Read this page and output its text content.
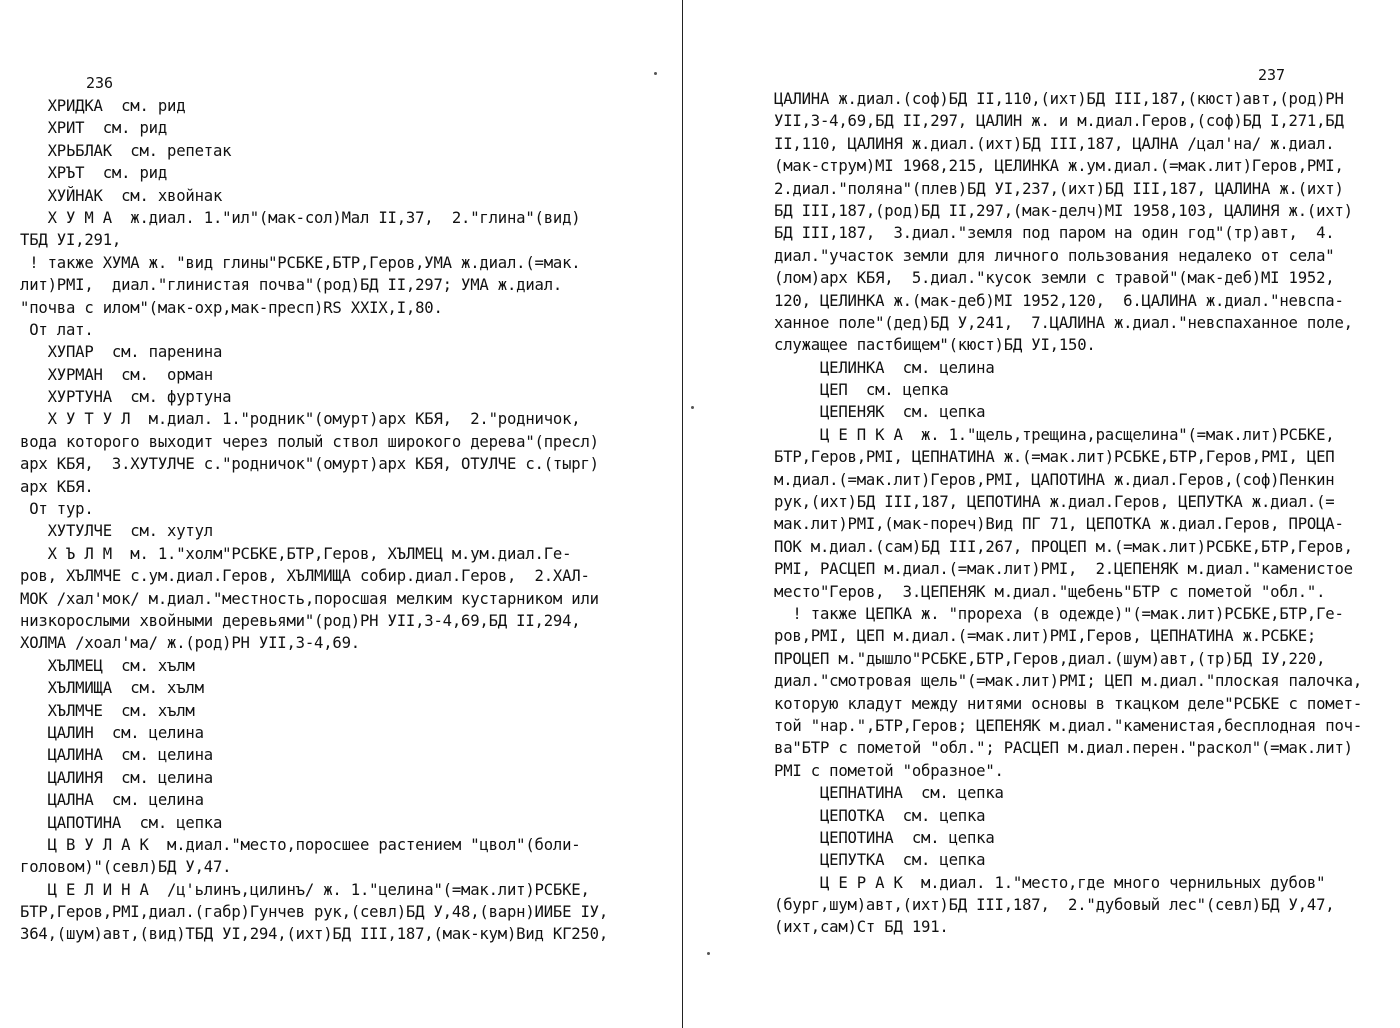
236
ХРИДКА  см. рид
ХРИТ  см. рид
ХРЬБЛАК  см. репетак
ХРЪТ  см. рид
ХУЙНАК  см. хвойнак
Х У М А  ж.диал. 1."ил"(мак-сол)Мал II,37,  2."глина"(вид)
ТБД УI,291,
! также ХУМА ж. "вид глины"РСБКЕ,БТР,Геров,УМА ж.диал.(=мак.
лит)РМI,  диал."глинистая почва"(род)БД II,297; УМА ж.диал.
"почва с илом"(мак-охр,мак-пресп)RS XXIX,I,80.
От лат.
ХУПАР  см. паренина
ХУРМАН  см.  орман
ХУРТУНА  см. фуртуна
Х У Т У Л  м.диал. 1."родник"(омурт)арх КБЯ,  2."родничок,
вода которого выходит через полый ствол широкого дерева"(пресл)
арх КБЯ,  3.ХУТУЛЧЕ с."родничок"(омурт)арх КБЯ, ОТУЛЧЕ с.(тырг)
арх КБЯ.
От тур.
ХУТУЛЧЕ  см. хутул
Х Ъ Л М  м. 1."холм"РСБКЕ,БТР,Геров, ХЪЛМЕЦ м.ум.диал.Ге-
ров, ХЪЛМЧЕ с.ум.диал.Геров, ХЪЛМИЩА собир.диал.Геров,  2.ХАЛ-
МОК /хал'мок/ м.диал."местность,поросшая мелким кустарником или
низкорослыми хвойными деревьями"(род)РН УII,3-4,69,БД II,294,
ХОЛМА /хоал'ма/ ж.(род)РН УII,3-4,69.
ХЪЛМЕЦ  см. хълм
ХЪЛМИЩА  см. хълм
ХЪЛМЧЕ  см. хълм
ЦАЛИН  см. целина
ЦАЛИНА  см. целина
ЦАЛИНЯ  см. целина
ЦАЛНА  см. целина
ЦАПОТИНА  см. цепка
Ц В У Л А К  м.диал."место,поросшее растением "цвол"(боли-
головом)"(севл)БД У,47.
Ц Е Л И Н А  /ц'ьлинъ,цилинъ/ ж. 1."целина"(=мак.лит)РСБКЕ,
БТР,Геров,РМI,диал.(габр)Гунчев рук,(севл)БД У,48,(варн)ИИБЕ IУ,
364,(шум)авт,(вид)ТБД УI,294,(ихт)БД III,187,(мак-кум)Вид КГ250,
237
ЦАЛИНА ж.диал.(соф)БД II,110,(ихт)БД III,187,(кюст)авт,(род)РН
УII,3-4,69,БД II,297, ЦАЛИН ж. и м.диал.Геров,(соф)БД I,271,БД
II,110, ЦАЛИНЯ ж.диал.(ихт)БД III,187, ЦАЛНА /цал'на/ ж.диал.
(мак-струм)MI 1968,215, ЦЕЛИНКА ж.ум.диал.(=мак.лит)Геров,РМI,
2.диал."поляна"(плев)БД УI,237,(ихт)БД III,187, ЦАЛИНА ж.(ихт)
БД III,187,(род)БД II,297,(мак-делч)MI 1958,103, ЦАЛИНЯ ж.(ихт)
БД III,187,  3.диал."земля под паром на один год"(тр)авт,  4.
диал."участок земли для личного пользования недалеко от села"
(лом)арх КБЯ,  5.диал."кусок земли с травой"(мак-деб)MI 1952,
120, ЦЕЛИНКА ж.(мак-деб)MI 1952,120,  6.ЦАЛИНА ж.диал."невспа-
ханное поле"(дед)БД У,241,  7.ЦАЛИНА ж.диал."невспаханное поле,
служащее пастбищем"(кюст)БД УI,150.
ЦЕЛИНКА  см. целина
ЦЕП  см. цепка
ЦЕПЕНЯК  см. цепка
Ц Е П К А  ж. 1."щель,трещина,расщелина"(=мак.лит)РСБКЕ,
БТР,Геров,РМI, ЦЕПНАТИНА ж.(=мак.лит)РСБКЕ,БТР,Геров,РМI, ЦЕП
м.диал.(=мак.лит)Геров,РМI, ЦАПОТИНА ж.диал.Геров,(соф)Пенкин
рук,(ихт)БД III,187, ЦЕПОТИНА ж.диал.Геров, ЦЕПУТКА ж.диал.(=
мак.лит)РМI,(мак-пореч)Вид ПГ 71, ЦЕПОТКА ж.диал.Геров, ПРОЦА-
ПОК м.диал.(сам)БД III,267, ПРОЦЕП м.(=мак.лит)РСБКЕ,БТР,Геров,
РМI, РАСЦЕП м.диал.(=мак.лит)РМI,  2.ЦЕПЕНЯК м.диал."каменистое
место"Геров,  3.ЦЕПЕНЯК м.диал."щебень"БТР с пометой "обл.".
! также ЦЕПКА ж. "прореха (в одежде)"(=мак.лит)РСБКЕ,БТР,Ге-
ров,РМI, ЦЕП м.диал.(=мак.лит)РМI,Геров, ЦЕПНАТИНА ж.РСБКЕ;
ПРОЦЕП м."дышло"РСБКЕ,БТР,Геров,диал.(шум)авт,(тр)БД IУ,220,
диал."смотровая щель"(=мак.лит)РМI; ЦЕП м.диал."плоская палочка,
которую кладут между нитями основы в ткацком деле"РСБКЕ с помет-
той "нар.",БТР,Геров; ЦЕПЕНЯК м.диал."каменистая,бесплодная поч-
ва"БТР с пометой "обл."; РАСЦЕП м.диал.перен."раскол"(=мак.лит)
РМI с пометой "образное".
ЦЕПНАТИНА  см. цепка
ЦЕПОТКА  см. цепка
ЦЕПОТИНА  см. цепка
ЦЕПУТКА  см. цепка
Ц Е Р А К  м.диал. 1."место,где много чернильных дубов"
(бург,шум)авт,(ихт)БД III,187,  2."дубовый лес"(севл)БД У,47,
(ихт,сам)Ст БД 191.
